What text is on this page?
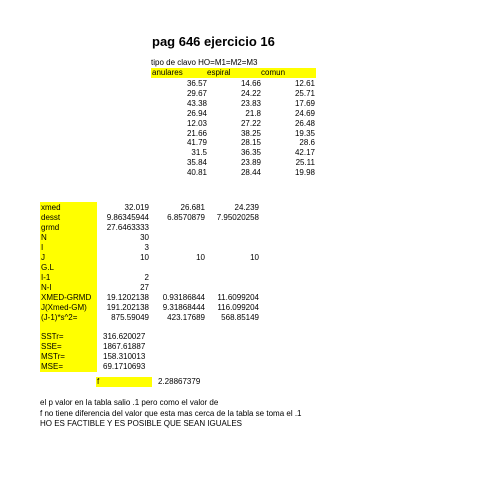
pag 646 ejercicio 16
tipo de clavo HO=M1=M2=M3
anulares	espiral	comun
36.57	14.66	12.61
29.67	24.22	25.71
43.38	23.83	17.69
26.94	21.8	24.69
12.03	27.22	26.48
21.66	38.25	19.35
41.79	28.15	28.6
31.5	36.35	42.17
35.84	23.89	25.11
40.81	28.44	19.98
xmed	32.019	26.681	24.239
desst	9.86345944	6.8570879	7.95020258
grmd	27.6463333
N	30
I	3
J	10	10	10
G.L
I-1	2
N-I	27
XMED-GRMD	19.1202138	0.93186844	11.6099204
J(Xmed-GM)	191.202138	9.31868444	116.099204
(J-1)*s^2=	875.59049	423.17689	568.85149
SSTr=	316.620027
SSE=	1867.61887
MSTr=	158.310013
MSE=	69.1710693
f	2.28867379
el p valor en la tabla salio .1 pero como el valor de
f no tiene diferencia del valor que esta mas cerca de la tabla se toma el .1
HO ES FACTIBLE Y ES POSIBLE QUE SEAN IGUALES
